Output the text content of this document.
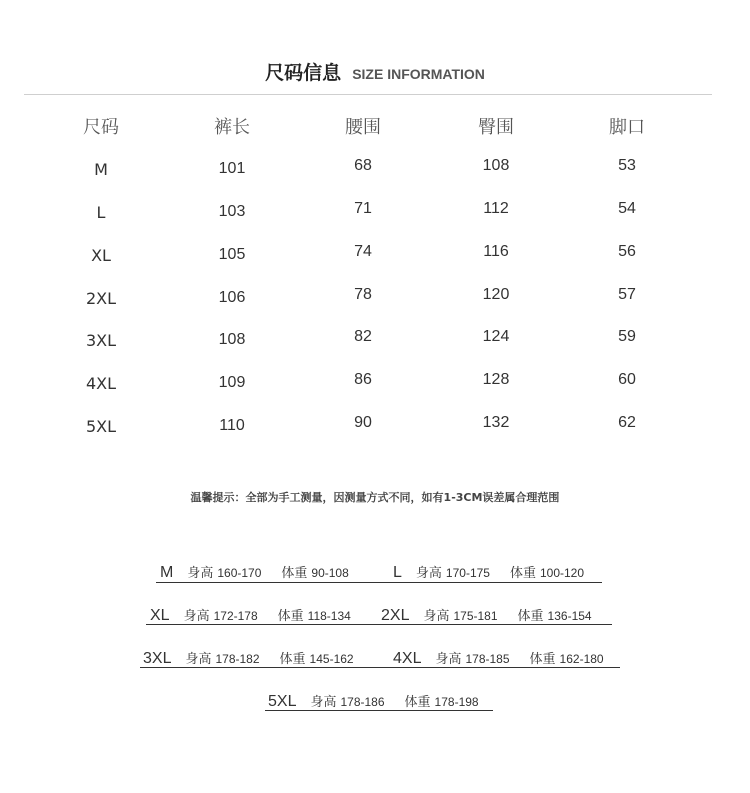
尺码信息 SIZE INFORMATION
尺码	裤长	腰围	臀围	脚口
M	101	68	108	53
L	103	71	112	54
XL	105	74	116	56
2XL	106	78	120	57
3XL	108	82	124	59
4XL	109	86	128	60
5XL	110	90	132	62
温馨提示：全部为手工测量，因测量方式不同，如有1-3CM误差属合理范围
M 身高 160-170 体重 90-108	L 身高 170-175 体重 100-120
XL 身高 172-178 体重 118-134 2XL 身高 175-181 体重 136-154
3XL 身高 178-182 体重 145-162 4XL 身高 178-185 体重 162-180
5XL 身高 178-186 体重 178-198
